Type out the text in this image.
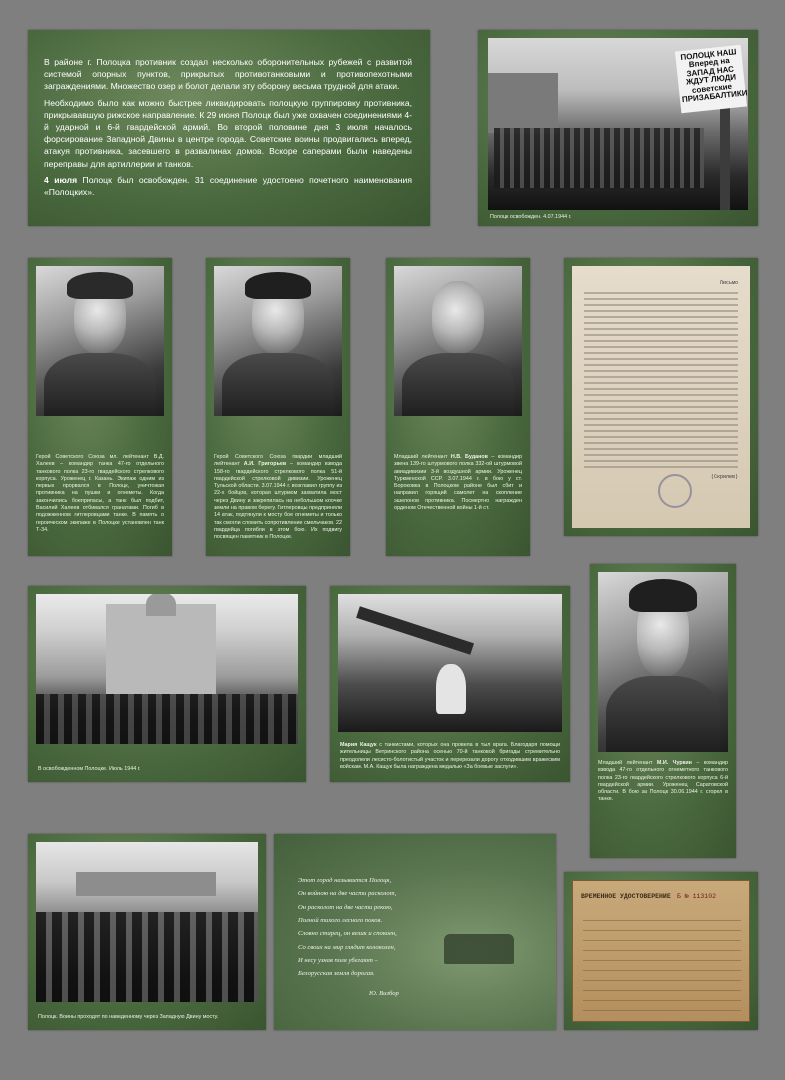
В районе г. Полоцка противник создал несколько оборонительных рубежей с развитой системой опорных пунктов, прикрытых противотанковыми и противопехотными заграждениями. Множество озер и болот делали эту оборону весьма трудной для атаки.

Необходимо было как можно быстрее ликвидировать полоцкую группировку противника, прикрывавшую рижское направление. К 29 июня Полоцк был уже охвачен соединениями 4-й ударной и 6-й гвардейской армий. Во второй половине дня 3 июля началось форсирование Западной Двины в центре города. Советские воины продвигались вперед, атакуя противника, засевшего в развалинах домов. Вскоре саперами были наведены переправы для артиллерии и танков.

4 июля Полоцк был освобожден. 31 соединение удостоено почетного наименования «Полоцких».

ПОЛОЦК НАШ Вперед на ЗАПАД НАС ЖДУТ ЛЮДИ советские ПРИЗАБАЛТИКИ
Полоцк освобожден. 4.07.1944 г.
Герой Советского Союза мл. лейтенант В.Д. Халеев – командир танка 47-го отдельного танкового полка 23-го гвардейского стрелкового корпуса. Уроженец г. Казань. Экипаж одним из первых прорвался в Полоцк, уничтожая противника на пушки и огнеметы. Когда закончились боеприпасы, а танк был подбит, Василий Халеев отбивался гранатами. Погиб в подожженном гитлеровцами танке. В память о героическом экипаже в Полоцке установлен танк Т-34.
Герой Советского Союза гвардии младший лейтенант А.И. Григорьев – командир взвода 158-го гвардейского стрелкового полка 51-й гвардейской стрелковой дивизии. Уроженец Тульской области. 3.07.1944 г. возглавил группу из 22-х бойцов, которая штурмом захватила мост через Двину и закрепилась на небольшом клочке земли на правом берегу. Гитлеровцы предприняли 14 атак, подтянули к мосту бое огнеметы и только так смогли сломить сопротивление смельчаков. 22 гвардейца погибли в этом бою. Их подвигу посвящен памятник в Полоцке.
Младший лейтенант Н.В. Буданов – командир звена 139-го штурмового полка 332-ой штурмовой авиадивизии 3-й воздушной армии. Уроженец Туркменской ССР. 3.07.1944 г. в бою у ст. Бороковка в Полоцком районе был сбит и направил горящий самолет на скопление эшелонов противника. Посмертно награжден орденом Отечественной войны 1-й ст.
Письмо
(Скрилев)
В освобожденном Полоцке. Июль 1944 г.
Мария Кащук с танкистами, которых она провела в тыл врага. Благодаря помощи жительницы Ветринского района осенью 70-й танковой бригады стремительно преодолели лесисто-болотистый участок и перерезали дорогу отходившим вражеским войскам. М.А. Кащук была награждена медалью «За боевые заслуги».
Младший лейтенант М.И. Чуркин – командир взвода 47-го отдельного огнеметного танкового полка 23-го гвардейского стрелкового корпуса 6-й гвардейской армии. Уроженец Саратовской области. В бою за Полоцк 30.06.1944 г. сгорел в танке.
Полоцк. Воины проходят по наведенному через Западную Двину мосту.
Этот город называется Полоцк,
Он войною на две части расколот,
Он расколот на две части рекою,
Полной тихого лесного покоя.
Словно старец, он велик и спокоен,
Со своих на мир глядит колоколен,
И несу узнав поля убегают –
Белорусская земля дорогая.
Ю. Визбор
ВРЕМЕННОЕ УДОСТОВЕРЕНИЕ Б № 113102
